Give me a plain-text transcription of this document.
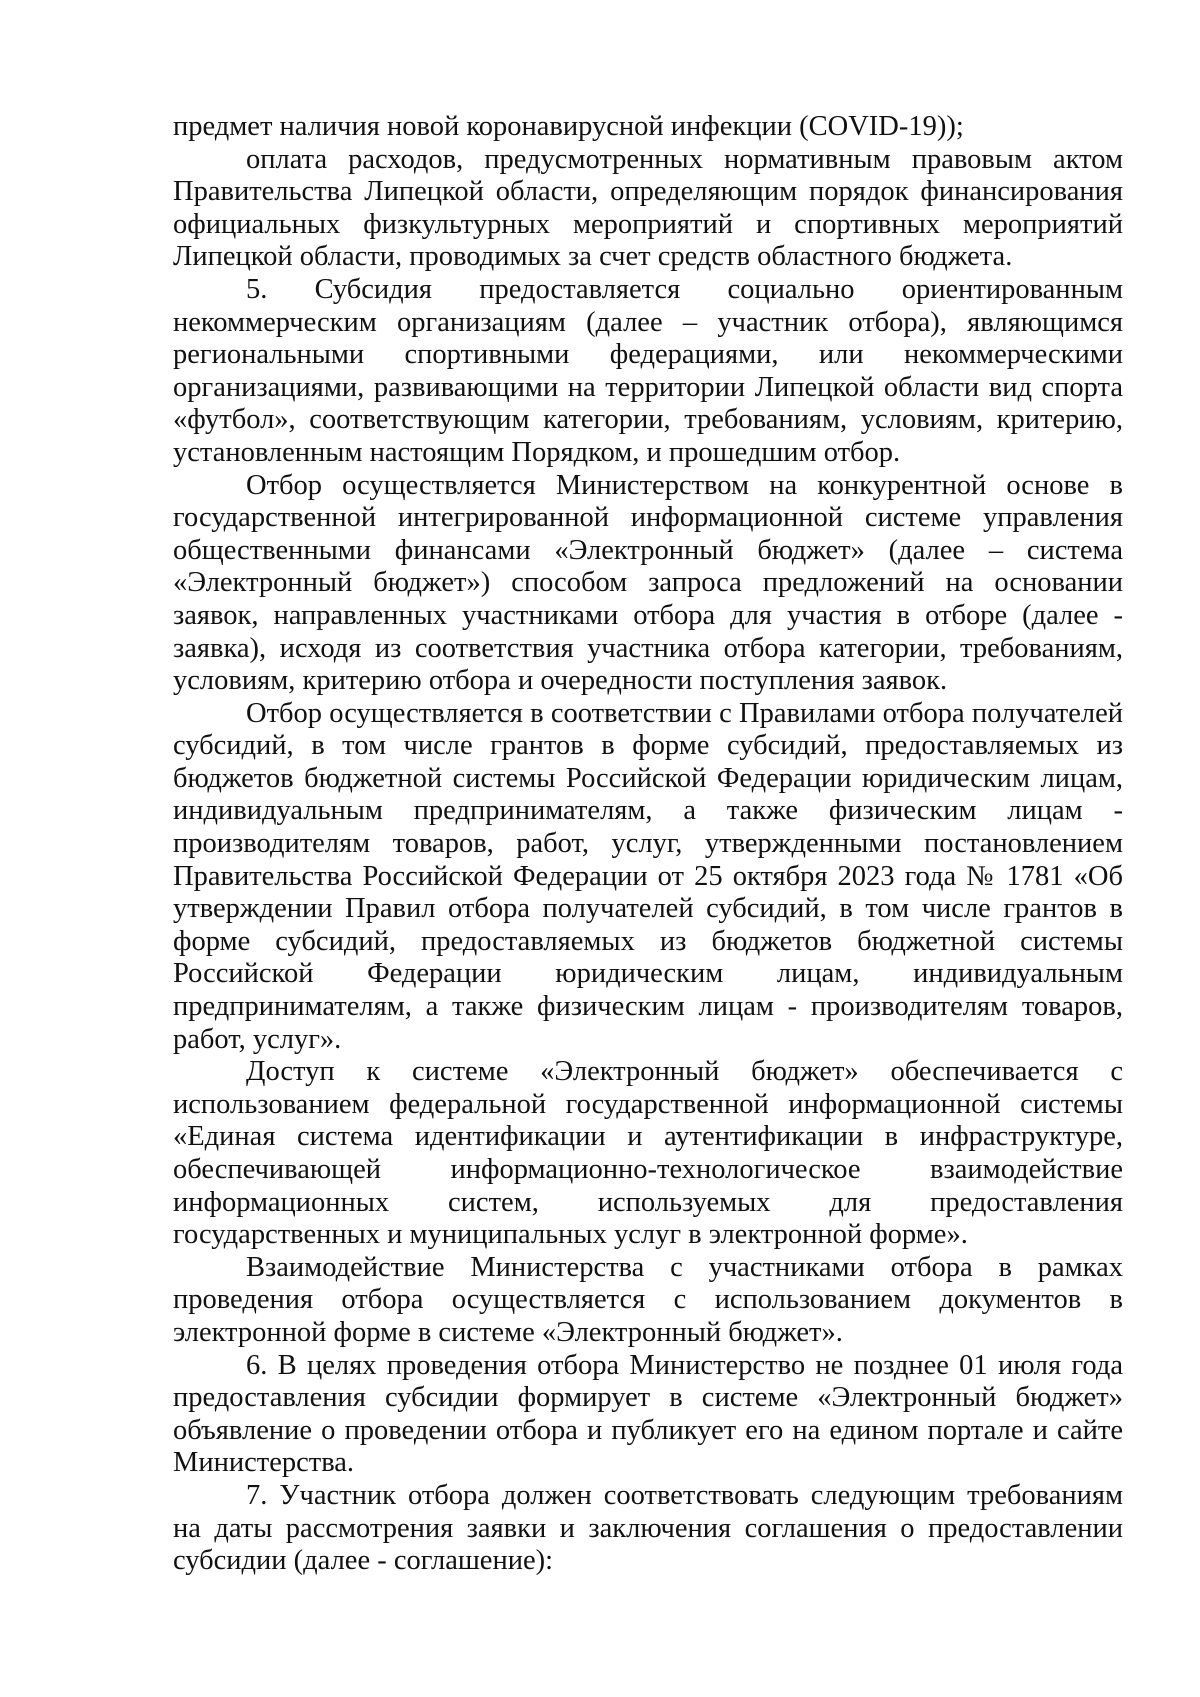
предмет наличия новой коронавирусной инфекции (COVID-19));

оплата расходов, предусмотренных нормативным правовым актом Правительства Липецкой области, определяющим порядок финансирования официальных физкультурных мероприятий и спортивных мероприятий Липецкой области, проводимых за счет средств областного бюджета.

5. Субсидия предоставляется социально ориентированным некоммерческим организациям (далее – участник отбора), являющимся региональными спортивными федерациями, или некоммерческими организациями, развивающими на территории Липецкой области вид спорта «футбол», соответствующим категории, требованиям, условиям, критерию, установленным настоящим Порядком, и прошедшим отбор.

Отбор осуществляется Министерством на конкурентной основе в государственной интегрированной информационной системе управления общественными финансами «Электронный бюджет» (далее – система «Электронный бюджет») способом запроса предложений на основании заявок, направленных участниками отбора для участия в отборе (далее - заявка), исходя из соответствия участника отбора категории, требованиям, условиям, критерию отбора и очередности поступления заявок.

Отбор осуществляется в соответствии с Правилами отбора получателей субсидий, в том числе грантов в форме субсидий, предоставляемых из бюджетов бюджетной системы Российской Федерации юридическим лицам, индивидуальным предпринимателям, а также физическим лицам - производителям товаров, работ, услуг, утвержденными постановлением Правительства Российской Федерации от 25 октября 2023 года № 1781 «Об утверждении Правил отбора получателей субсидий, в том числе грантов в форме субсидий, предоставляемых из бюджетов бюджетной системы Российской Федерации юридическим лицам, индивидуальным предпринимателям, а также физическим лицам - производителям товаров, работ, услуг».

Доступ к системе «Электронный бюджет» обеспечивается с использованием федеральной государственной информационной системы «Единая система идентификации и аутентификации в инфраструктуре, обеспечивающей информационно-технологическое взаимодействие информационных систем, используемых для предоставления государственных и муниципальных услуг в электронной форме».

Взаимодействие Министерства с участниками отбора в рамках проведения отбора осуществляется с использованием документов в электронной форме в системе «Электронный бюджет».

6. В целях проведения отбора Министерство не позднее 01 июля года предоставления субсидии формирует в системе «Электронный бюджет» объявление о проведении отбора и публикует его на едином портале и сайте Министерства.

7. Участник отбора должен соответствовать следующим требованиям на даты рассмотрения заявки и заключения соглашения о предоставлении субсидии (далее - соглашение):
